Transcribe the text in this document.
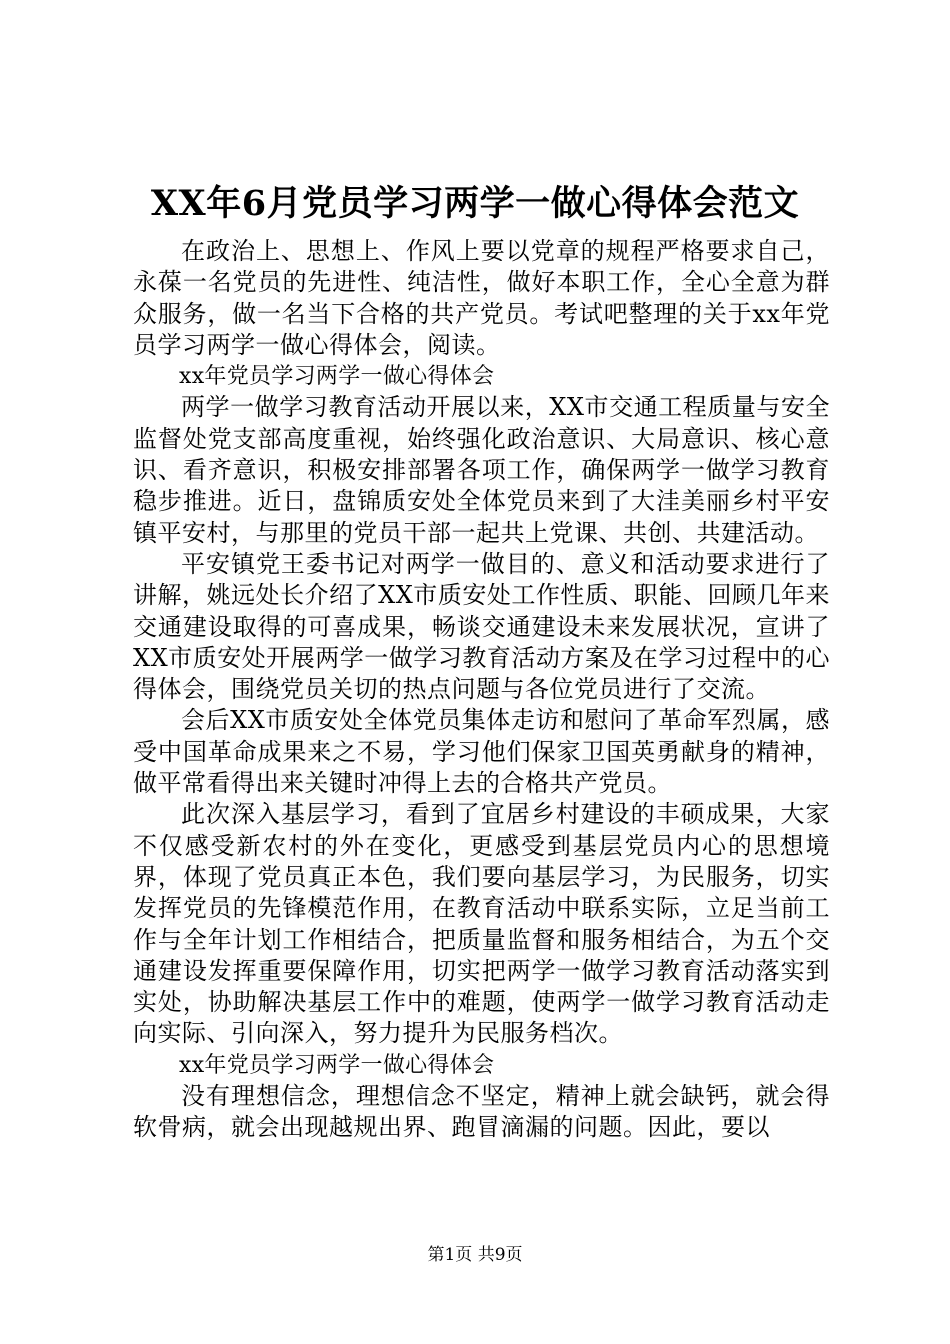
XX年6月党员学习两学一做心得体会范文

在政治上、思想上、作风上要以党章的规程严格要求自己，永葆一名党员的先进性、纯洁性，做好本职工作，全心全意为群众服务，做一名当下合格的共产党员。考试吧整理的关于xx年党员学习两学一做心得体会，阅读。

xx年党员学习两学一做心得体会

两学一做学习教育活动开展以来，XX市交通工程质量与安全监督处党支部高度重视，始终强化政治意识、大局意识、核心意识、看齐意识，积极安排部署各项工作，确保两学一做学习教育稳步推进。近日，盘锦质安处全体党员来到了大洼美丽乡村平安镇平安村，与那里的党员干部一起共上党课、共创、共建活动。

平安镇党王委书记对两学一做目的、意义和活动要求进行了讲解，姚远处长介绍了XX市质安处工作性质、职能、回顾几年来交通建设取得的可喜成果，畅谈交通建设未来发展状况，宣讲了XX市质安处开展两学一做学习教育活动方案及在学习过程中的心得体会，围绕党员关切的热点问题与各位党员进行了交流。

会后XX市质安处全体党员集体走访和慰问了革命军烈属，感受中国革命成果来之不易，学习他们保家卫国英勇献身的精神，做平常看得出来关键时冲得上去的合格共产党员。

此次深入基层学习，看到了宜居乡村建设的丰硕成果，大家不仅感受新农村的外在变化，更感受到基层党员内心的思想境界，体现了党员真正本色，我们要向基层学习，为民服务，切实发挥党员的先锋模范作用，在教育活动中联系实际，立足当前工作与全年计划工作相结合，把质量监督和服务相结合，为五个交通建设发挥重要保障作用，切实把两学一做学习教育活动落实到实处，协助解决基层工作中的难题，使两学一做学习教育活动走向实际、引向深入，努力提升为民服务档次。

xx年党员学习两学一做心得体会

没有理想信念，理想信念不坚定，精神上就会缺钙，就会得软骨病，就会出现越规出界、跑冒滴漏的问题。因此，要以

第1页 共9页
